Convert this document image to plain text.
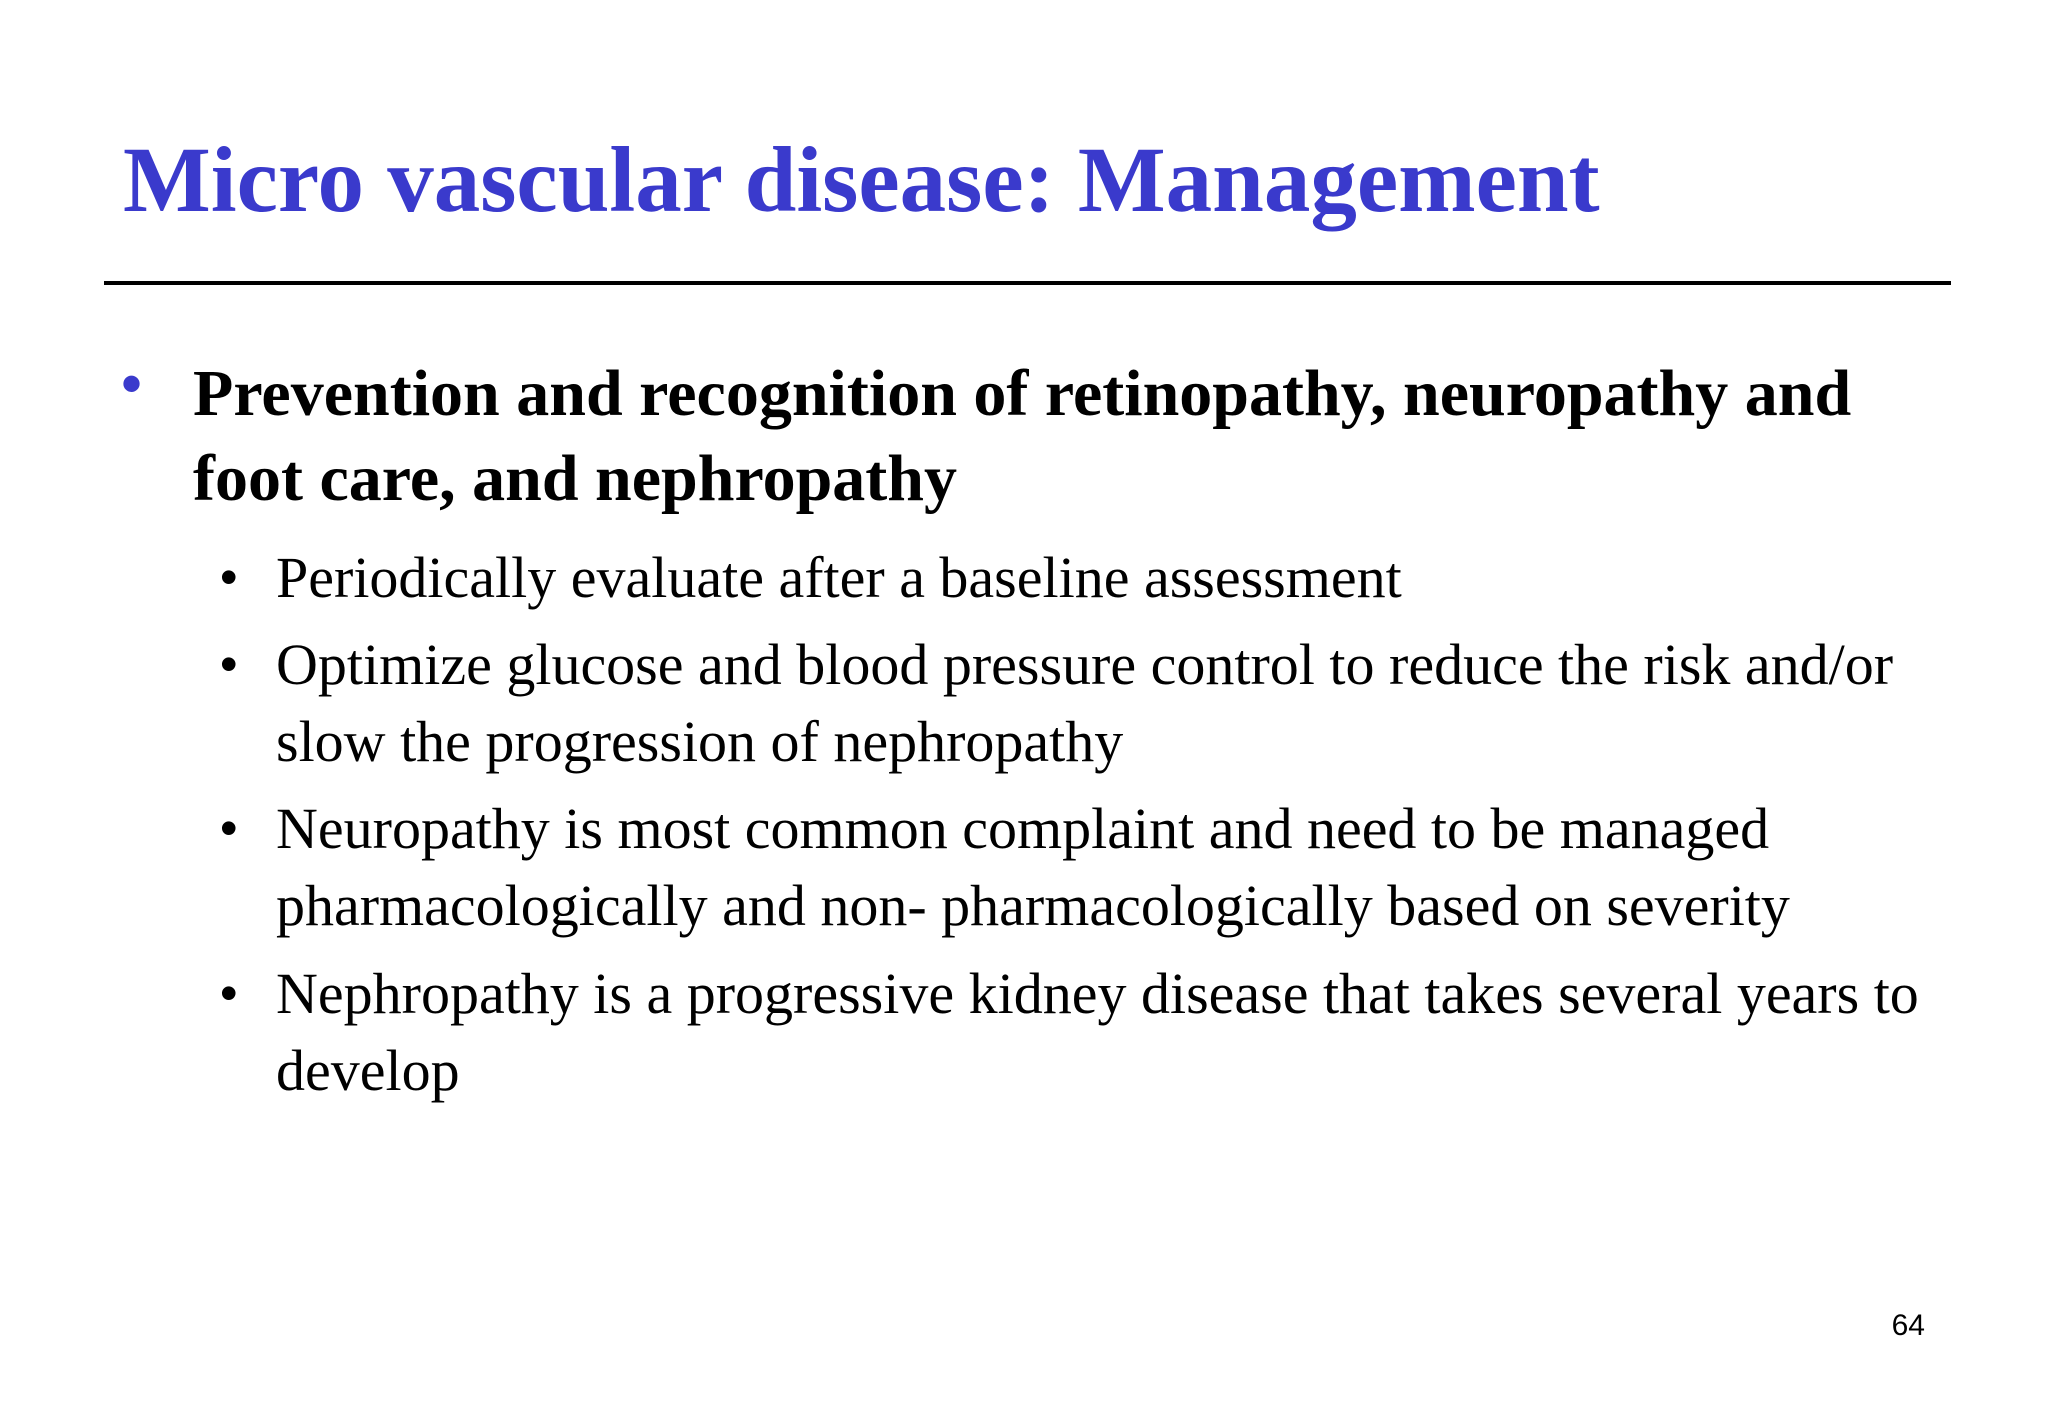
Micro vascular disease: Management
• Prevention and recognition of retinopathy, neuropathy and foot care, and nephropathy
• Periodically evaluate after a baseline assessment
• Optimize glucose and blood pressure control to reduce the risk and/or slow the progression of nephropathy
• Neuropathy is most common complaint and need to be managed pharmacologically and non- pharmacologically based on severity
• Nephropathy is a progressive kidney disease that takes several years to develop
64
